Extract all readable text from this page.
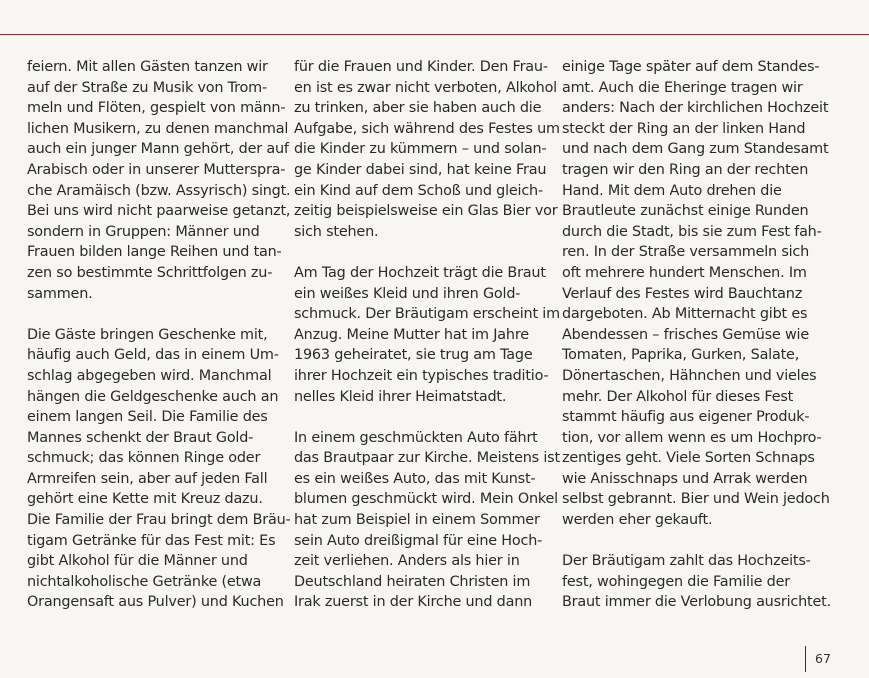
feiern. Mit allen Gästen tanzen wir
auf der Straße zu Musik von Trom-
meln und Flöten, gespielt von männ-
lichen Musikern, zu denen manchmal
auch ein junger Mann gehört, der auf
Arabisch oder in unserer Mutterspra-
che Aramäisch (bzw. Assyrisch) singt.
Bei uns wird nicht paarweise getanzt,
sondern in Gruppen: Männer und
Frauen bilden lange Reihen und tan-
zen so bestimmte Schrittfolgen zu-
sammen.
Die Gäste bringen Geschenke mit,
häufig auch Geld, das in einem Um-
schlag abgegeben wird. Manchmal
hängen die Geldgeschenke auch an
einem langen Seil. Die Familie des
Mannes schenkt der Braut Gold-
schmuck; das können Ringe oder
Armreifen sein, aber auf jeden Fall
gehört eine Kette mit Kreuz dazu.
Die Familie der Frau bringt dem Bräu-
tigam Getränke für das Fest mit: Es
gibt Alkohol für die Männer und
nichtalkoholische Getränke (etwa
Orangensaft aus Pulver) und Kuchen
für die Frauen und Kinder. Den Frau-
en ist es zwar nicht verboten, Alkohol
zu trinken, aber sie haben auch die
Aufgabe, sich während des Festes um
die Kinder zu kümmern – und solan-
ge Kinder dabei sind, hat keine Frau
ein Kind auf dem Schoß und gleich-
zeitig beispielsweise ein Glas Bier vor
sich stehen.
Am Tag der Hochzeit trägt die Braut
ein weißes Kleid und ihren Gold-
schmuck. Der Bräutigam erscheint im
Anzug. Meine Mutter hat im Jahre
1963 geheiratet, sie trug am Tage
ihrer Hochzeit ein typisches traditio-
nelles Kleid ihrer Heimatstadt.
In einem geschmückten Auto fährt
das Brautpaar zur Kirche. Meistens ist
es ein weißes Auto, das mit Kunst-
blumen geschmückt wird. Mein Onkel
hat zum Beispiel in einem Sommer
sein Auto dreißigmal für eine Hoch-
zeit verliehen. Anders als hier in
Deutschland heiraten Christen im
Irak zuerst in der Kirche und dann
einige Tage später auf dem Standes-
amt. Auch die Eheringe tragen wir
anders: Nach der kirchlichen Hochzeit
steckt der Ring an der linken Hand
und nach dem Gang zum Standesamt
tragen wir den Ring an der rechten
Hand. Mit dem Auto drehen die
Brautleute zunächst einige Runden
durch die Stadt, bis sie zum Fest fah-
ren. In der Straße versammeln sich
oft mehrere hundert Menschen. Im
Verlauf des Festes wird Bauchtanz
dargeboten. Ab Mitternacht gibt es
Abendessen – frisches Gemüse wie
Tomaten, Paprika, Gurken, Salate,
Dönertaschen, Hähnchen und vieles
mehr. Der Alkohol für dieses Fest
stammt häufig aus eigener Produk-
tion, vor allem wenn es um Hochpro-
zentiges geht. Viele Sorten Schnaps
wie Anisschnaps und Arrak werden
selbst gebrannt. Bier und Wein jedoch
werden eher gekauft.
Der Bräutigam zahlt das Hochzeits-
fest, wohingegen die Familie der
Braut immer die Verlobung ausrichtet.
67
